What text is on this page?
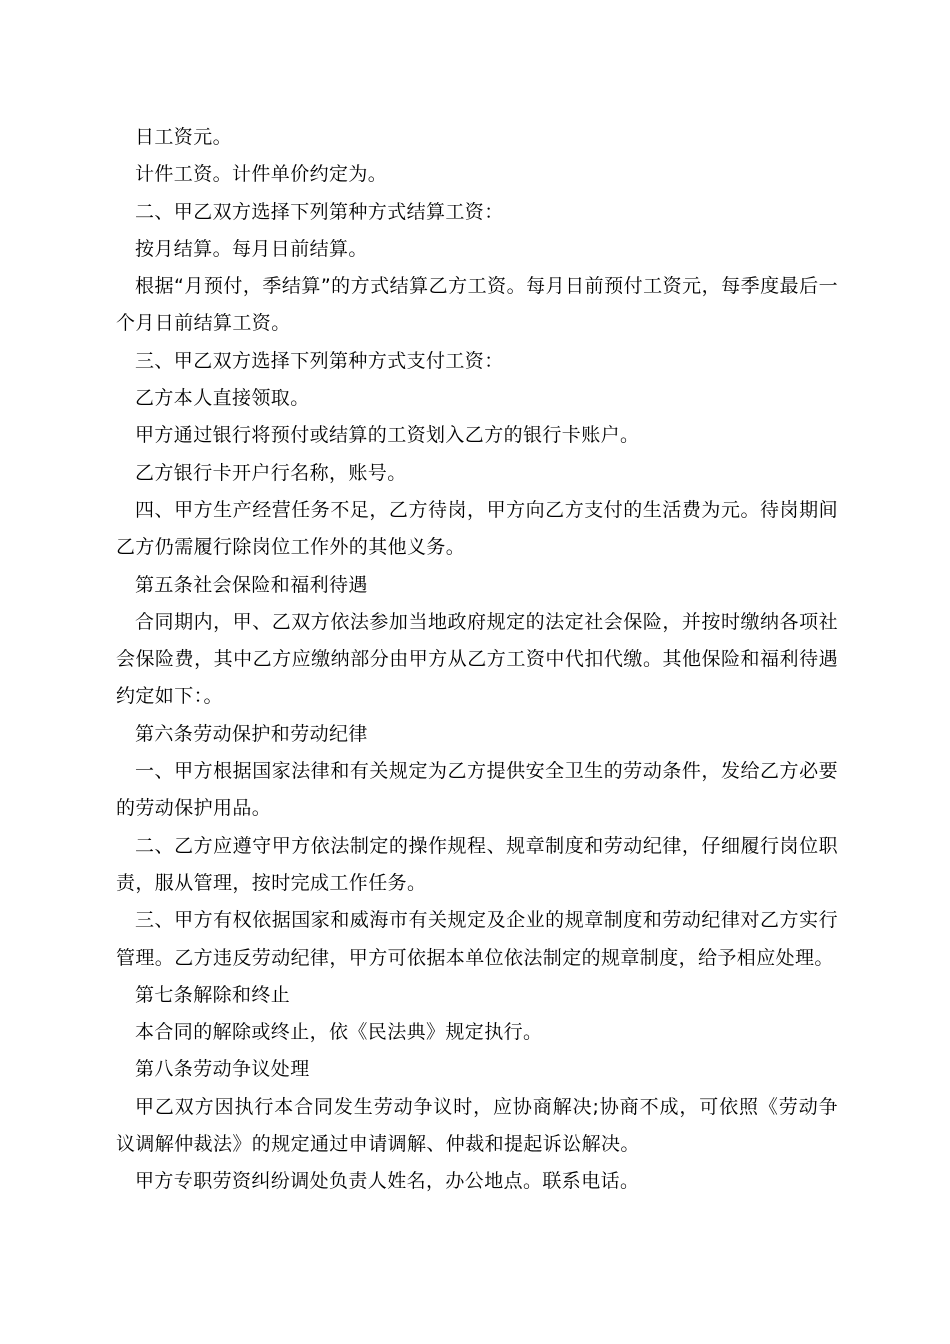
日工资元。

计件工资。计件单价约定为。

二、甲乙双方选择下列第种方式结算工资：

按月结算。每月日前结算。

根据“月预付，季结算”的方式结算乙方工资。每月日前预付工资元，每季度最后一个月日前结算工资。

三、甲乙双方选择下列第种方式支付工资：

乙方本人直接领取。

甲方通过银行将预付或结算的工资划入乙方的银行卡账户。

乙方银行卡开户行名称，账号。

四、甲方生产经营任务不足，乙方待岗，甲方向乙方支付的生活费为元。待岗期间乙方仍需履行除岗位工作外的其他义务。

第五条社会保险和福利待遇

合同期内，甲、乙双方依法参加当地政府规定的法定社会保险，并按时缴纳各项社会保险费，其中乙方应缴纳部分由甲方从乙方工资中代扣代缴。其他保险和福利待遇约定如下：。

第六条劳动保护和劳动纪律

一、甲方根据国家法律和有关规定为乙方提供安全卫生的劳动条件，发给乙方必要的劳动保护用品。

二、乙方应遵守甲方依法制定的操作规程、规章制度和劳动纪律，仔细履行岗位职责，服从管理，按时完成工作任务。

三、甲方有权依据国家和威海市有关规定及企业的规章制度和劳动纪律对乙方实行管理。乙方违反劳动纪律，甲方可依据本单位依法制定的规章制度，给予相应处理。

第七条解除和终止

本合同的解除或终止，依《民法典》规定执行。

第八条劳动争议处理

甲乙双方因执行本合同发生劳动争议时，应协商解决;协商不成，可依照《劳动争议调解仲裁法》的规定通过申请调解、仲裁和提起诉讼解决。

甲方专职劳资纠纷调处负责人姓名，办公地点。联系电话。
